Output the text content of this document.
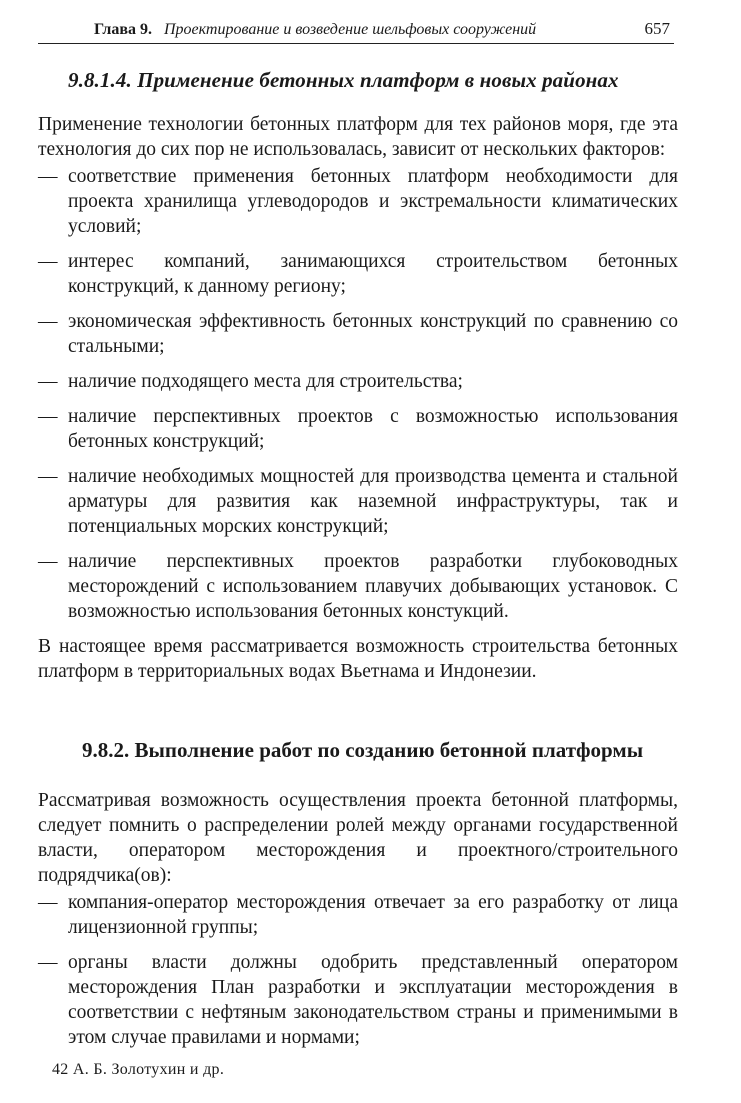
Глава 9. Проектирование и возведение шельфовых сооружений	657
9.8.1.4. Применение бетонных платформ в новых районах

Применение технологии бетонных платформ для тех районов моря, где эта технология до сих пор не использовалась, зависит от нескольких факторов:

— соответствие применения бетонных платформ необходимости для проекта хранилища углеводородов и экстремальности климатических условий;
— интерес компаний, занимающихся строительством бетонных конструкций, к данному региону;
— экономическая эффективность бетонных конструкций по сравнению со стальными;
— наличие подходящего места для строительства;
— наличие перспективных проектов с возможностью использования бетонных конструкций;
— наличие необходимых мощностей для производства цемента и стальной арматуры для развития как наземной инфраструктуры, так и потенциальных морских конструкций;
— наличие перспективных проектов разработки глубоководных месторождений с использованием плавучих добывающих установок. С возможностью использования бетонных констукций.

В настоящее время рассматривается возможность строительства бетонных платформ в территориальных водах Вьетнама и Индонезии.

9.8.2. Выполнение работ по созданию бетонной платформы

Рассматривая возможность осуществления проекта бетонной платформы, следует помнить о распределении ролей между органами государственной власти, оператором месторождения и проектного/строительного подрядчика(ов):

— компания-оператор месторождения отвечает за его разработку от лица лицензионной группы;
— органы власти должны одобрить представленный оператором месторождения План разработки и эксплуатации месторождения в соответствии с нефтяным законодательством страны и применимыми в этом случае правилами и нормами;
42 А. Б. Золотухин и др.
